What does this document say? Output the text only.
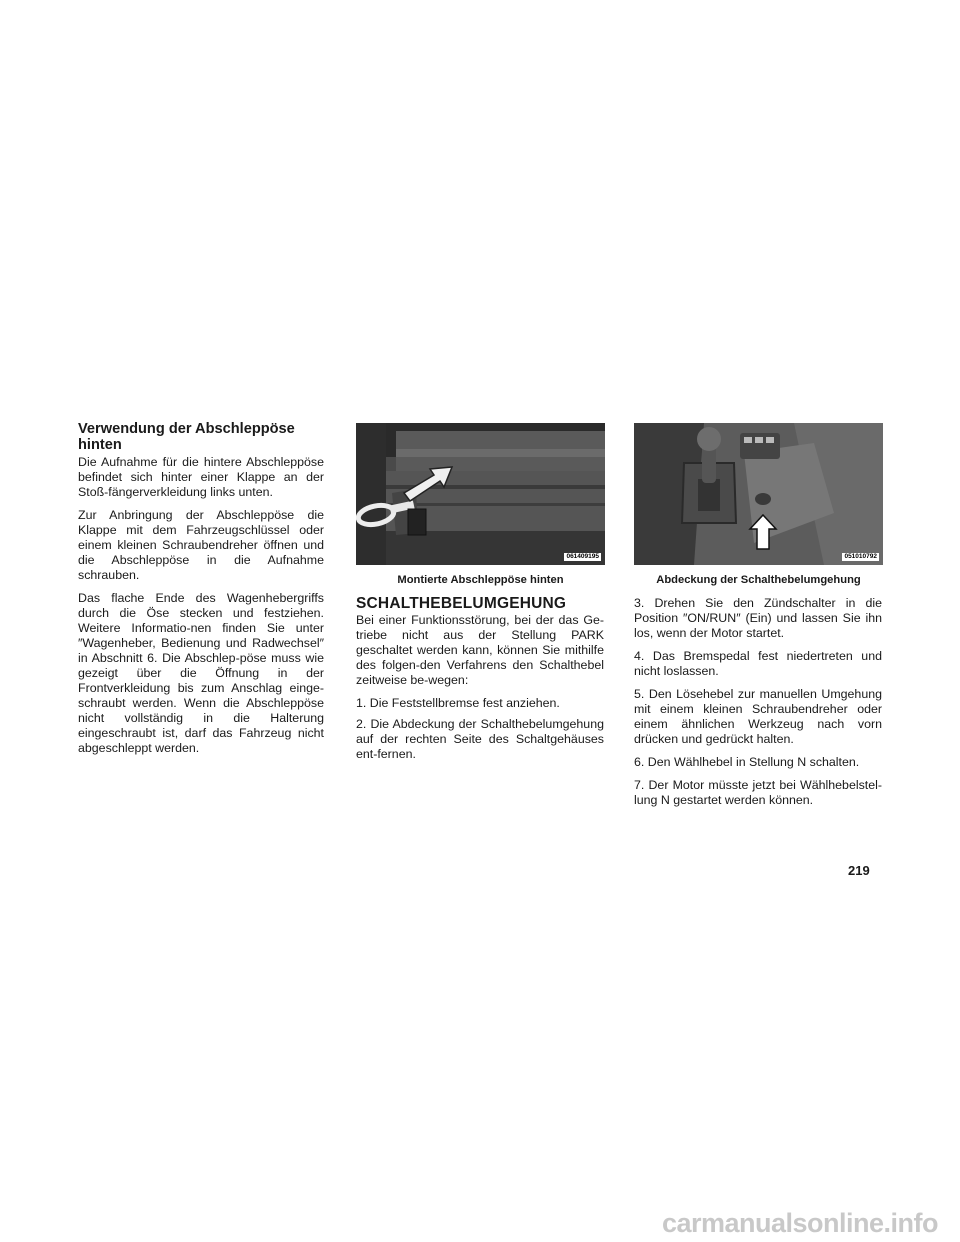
Verwendung der Abschleppöse hinten

Die Aufnahme für die hintere Abschleppöse befindet sich hinter einer Klappe an der Stoß-fängerverkleidung links unten.

Zur Anbringung der Abschleppöse die Klappe mit dem Fahrzeugschlüssel oder einem kleinen Schraubendreher öffnen und die Abschleppöse in die Aufnahme schrauben.

Das flache Ende des Wagenhebergriffs durch die Öse stecken und festziehen. Weitere Informatio-nen finden Sie unter ″Wagenheber, Bedienung und Radwechsel″ in Abschnitt 6. Die Abschlep-pöse muss wie gezeigt über die Öffnung in der Frontverkleidung bis zum Anschlag einge-schraubt werden. Wenn die Abschleppöse nicht vollständig in die Halterung eingeschraubt ist, darf das Fahrzeug nicht abgeschleppt werden.

061409195
Montierte Abschleppöse hinten
051010792
Abdeckung der Schalthebelumgehung
SCHALTHEBELUMGEHUNG

Bei einer Funktionsstörung, bei der das Ge-triebe nicht aus der Stellung PARK geschaltet werden kann, können Sie mithilfe des folgen-den Verfahrens den Schalthebel zeitweise be-wegen:

1. Die Feststellbremse fest anziehen.

2. Die Abdeckung der Schalthebelumgehung auf der rechten Seite des Schaltgehäuses ent-fernen.

3. Drehen Sie den Zündschalter in die Position ″ON/RUN″ (Ein) und lassen Sie ihn los, wenn der Motor startet.

4. Das Bremspedal fest niedertreten und nicht loslassen.

5. Den Lösehebel zur manuellen Umgehung mit einem kleinen Schraubendreher oder einem ähnlichen Werkzeug nach vorn drücken und gedrückt halten.

6. Den Wählhebel in Stellung N schalten.

7. Der Motor müsste jetzt bei Wählhebelstel-lung N gestartet werden können.

219
carmanualsonline.info
